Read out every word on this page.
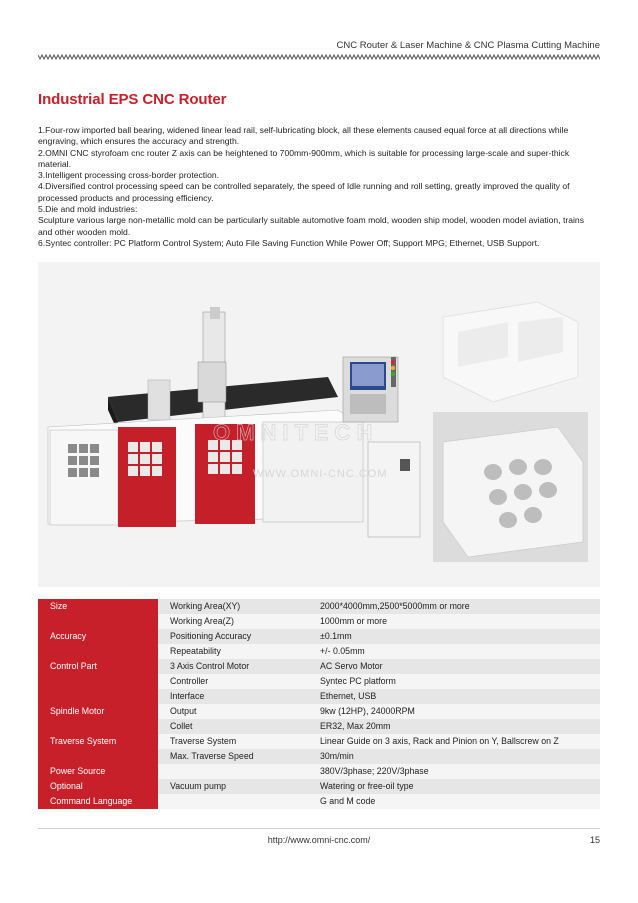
CNC Router & Laser Machine & CNC Plasma Cutting Machine
Industrial EPS CNC Router

1.Four-row imported ball bearing, widened linear lead rail, self-lubricating block, all these elements caused equal force at all directions while engraving, which ensures the accuracy and strength.

2.OMNI CNC styrofoam cnc router Z axis can be heightened to 700mm-900mm, which is suitable for processing large-scale and super-thick material.

3.Intelligent processing cross-border protection.

4.Diversified control processing speed can be controlled separately, the speed of Idle running and roll setting, greatly improved the quality of processed products and processing efficiency.

5.Die and mold industries:

Sculpture various large non-metallic mold can be particularly suitable automotive foam mold, wooden ship model, wooden model aviation, trains and other wooden mold.

6.Syntec controller: PC Platform Control System; Auto File Saving Function While Power Off; Support MPG; Ethernet, USB Support.

OMNITECH
WWW.OMNI-CNC.COM
Size	Working Area(XY)	2000*4000mm,2500*5000mm or more
	Working Area(Z)	1000mm or more
Accuracy	Positioning Accuracy	±0.1mm
	Repeatability	+/- 0.05mm
Control Part	3 Axis Control Motor	AC Servo Motor
	Controller	Syntec PC platform
	Interface	Ethernet, USB
Spindle Motor	Output	9kw (12HP), 24000RPM
	Collet	ER32, Max 20mm
Traverse System	Traverse System	Linear Guide on 3 axis, Rack and Pinion on Y, Ballscrew on Z
	Max. Traverse Speed	30m/min
Power Source		380V/3phase; 220V/3phase
Optional	Vacuum pump	Watering or free-oil type
Command Language		G and M code
http://www.omni-cnc.com/	15
